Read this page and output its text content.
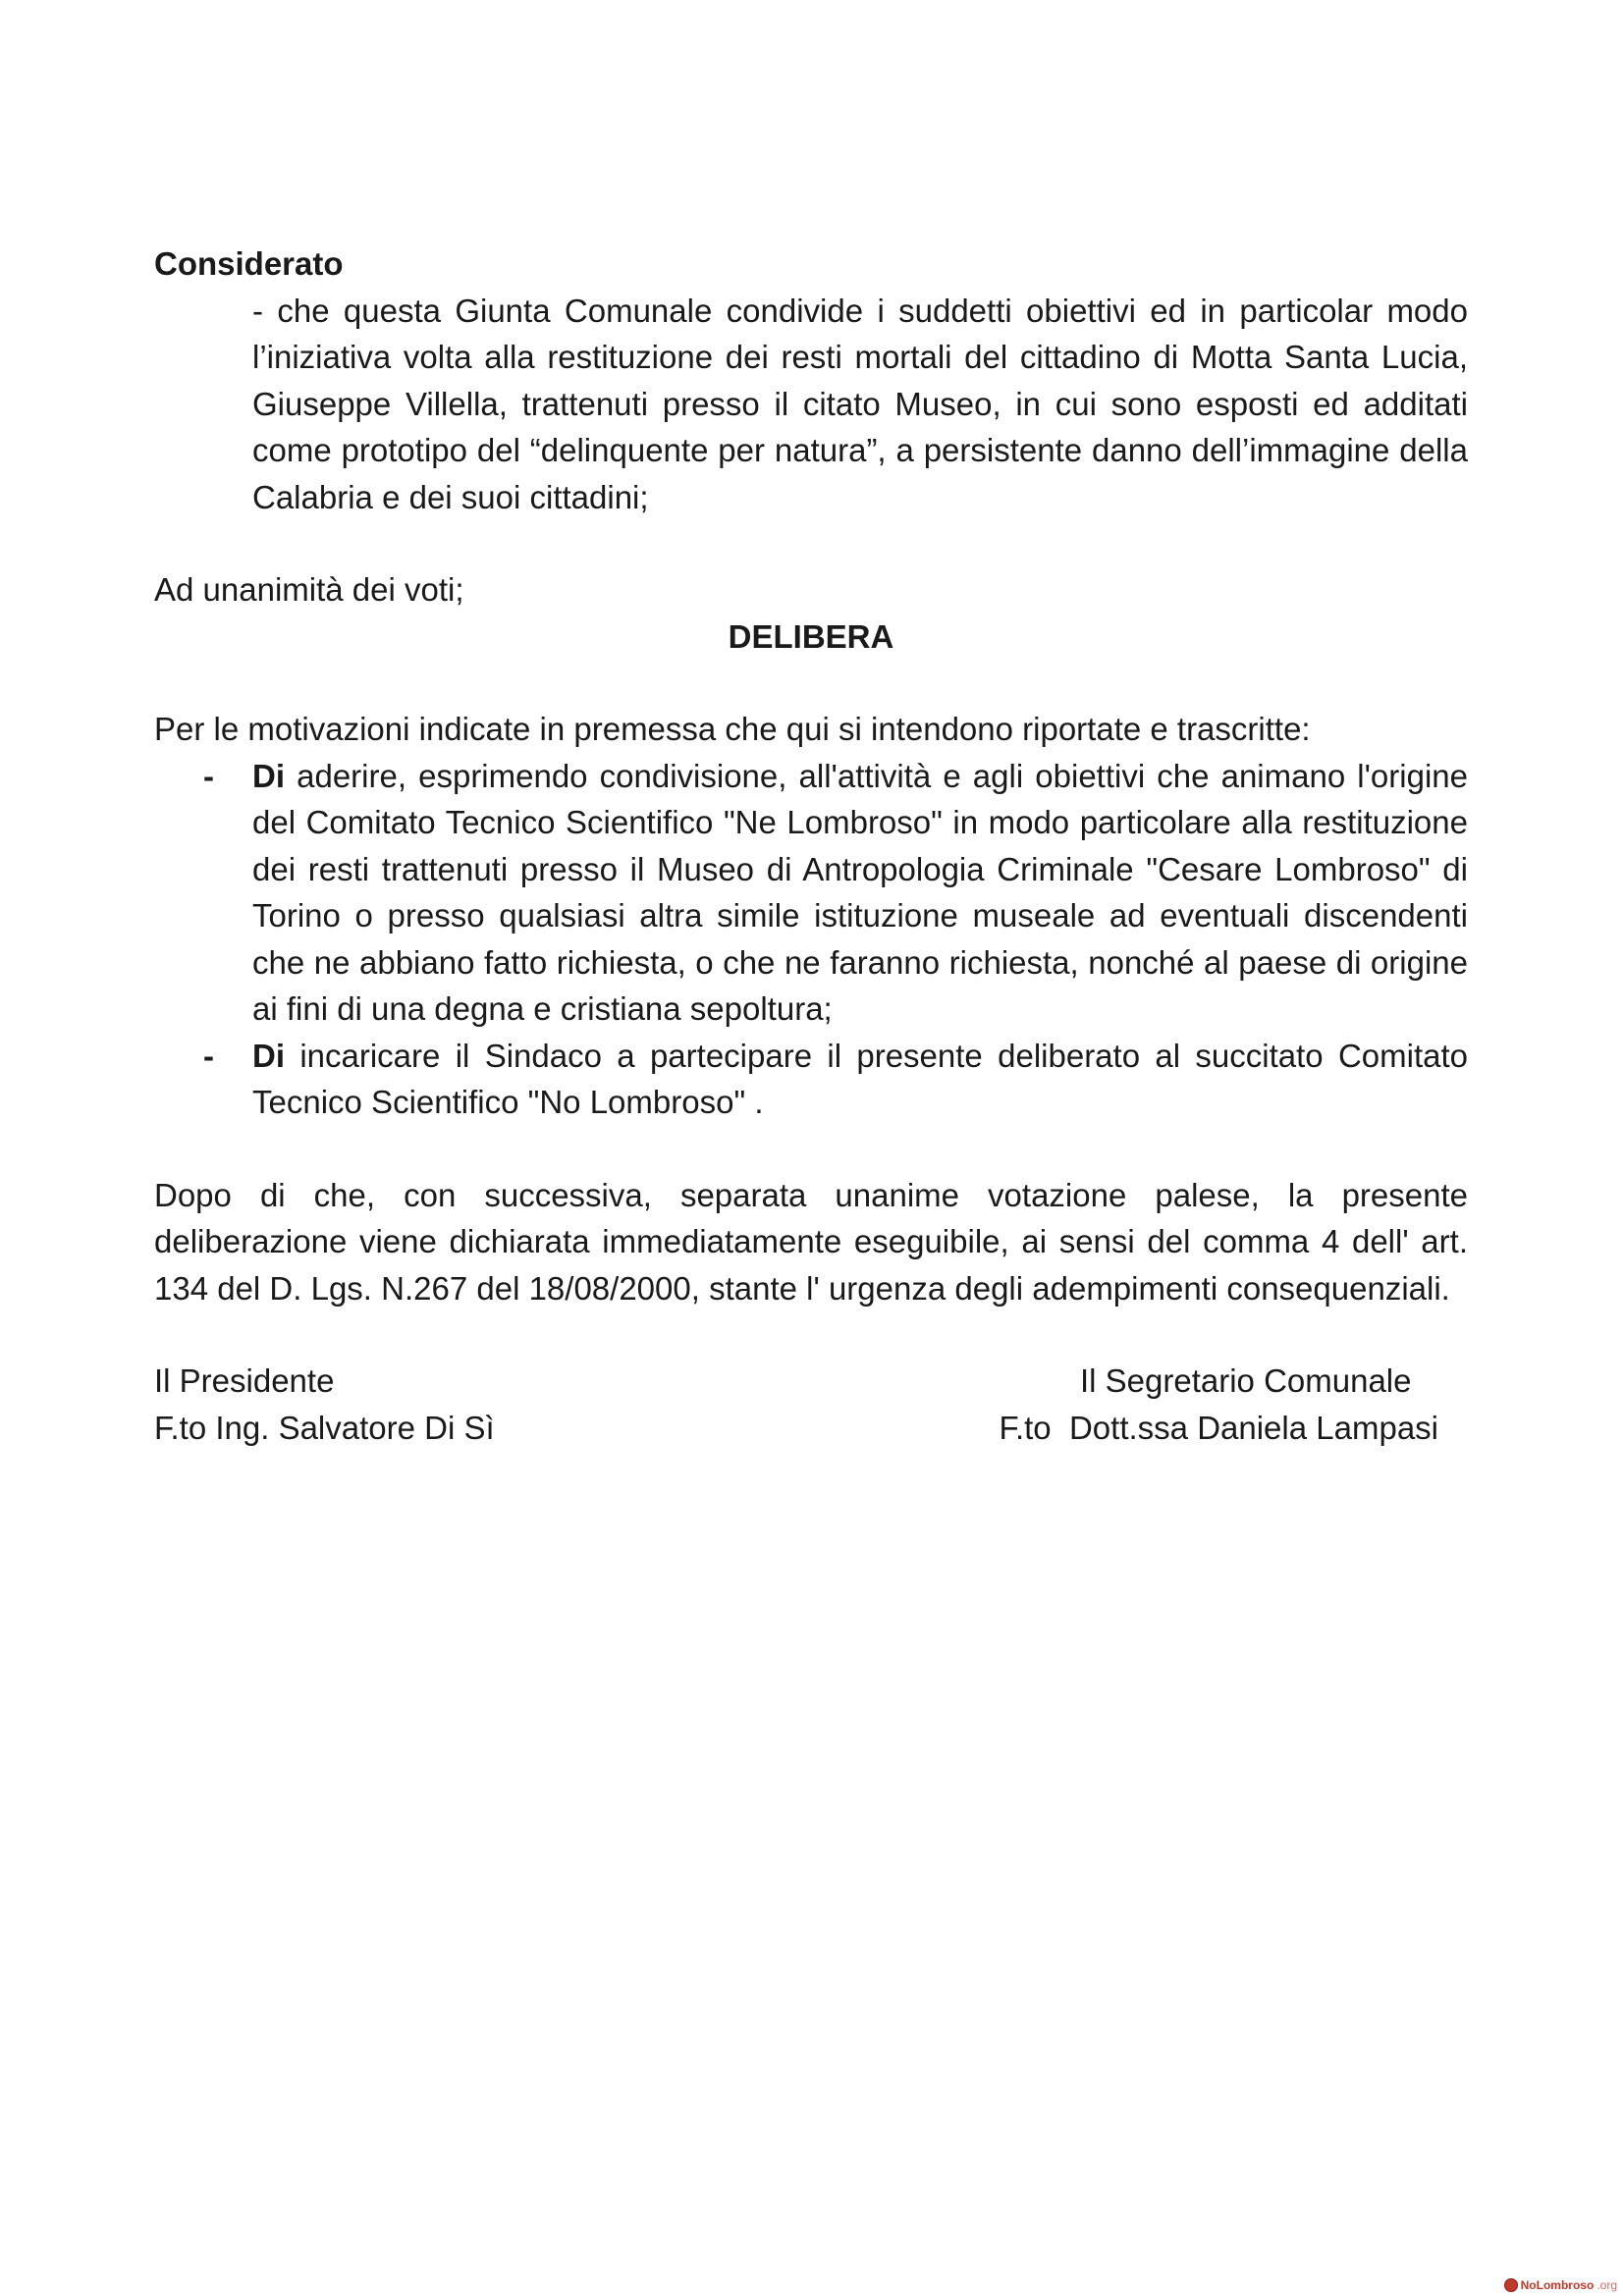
Considerato

- che questa Giunta Comunale condivide i suddetti obiettivi ed in particolar modo l’iniziativa volta alla restituzione dei resti mortali del cittadino di Motta Santa Lucia, Giuseppe Villella, trattenuti presso il citato Museo, in cui sono esposti ed additati come prototipo del “delinquente per natura”, a persistente danno dell’immagine della Calabria e dei suoi cittadini;

Ad unanimità dei voti;

DELIBERA

Per le motivazioni indicate in premessa che qui si intendono riportate e trascritte:

- Di aderire, esprimendo condivisione, all'attività e agli obiettivi che animano l'origine del Comitato Tecnico Scientifico "Ne Lombroso" in modo particolare alla restituzione dei resti trattenuti presso il Museo di Antropologia Criminale "Cesare Lombroso" di Torino o presso qualsiasi altra simile istituzione museale ad eventuali discendenti che ne abbiano fatto richiesta, o che ne faranno richiesta, nonché al paese di origine ai fini di una degna e cristiana sepoltura;
- Di incaricare il Sindaco a partecipare il presente deliberato al succitato Comitato Tecnico Scientifico "No Lombroso" .

Dopo di che, con successiva, separata unanime votazione palese, la presente deliberazione viene dichiarata immediatamente eseguibile, ai sensi del comma 4 dell' art. 134 del D. Lgs. N.267 del 18/08/2000, stante l' urgenza degli adempimenti consequenziali.

Il Presidente

F.to Ing. Salvatore Di Sì

Il Segretario Comunale

F.to  Dott.ssa Daniela Lampasi

NoLombroso .org
